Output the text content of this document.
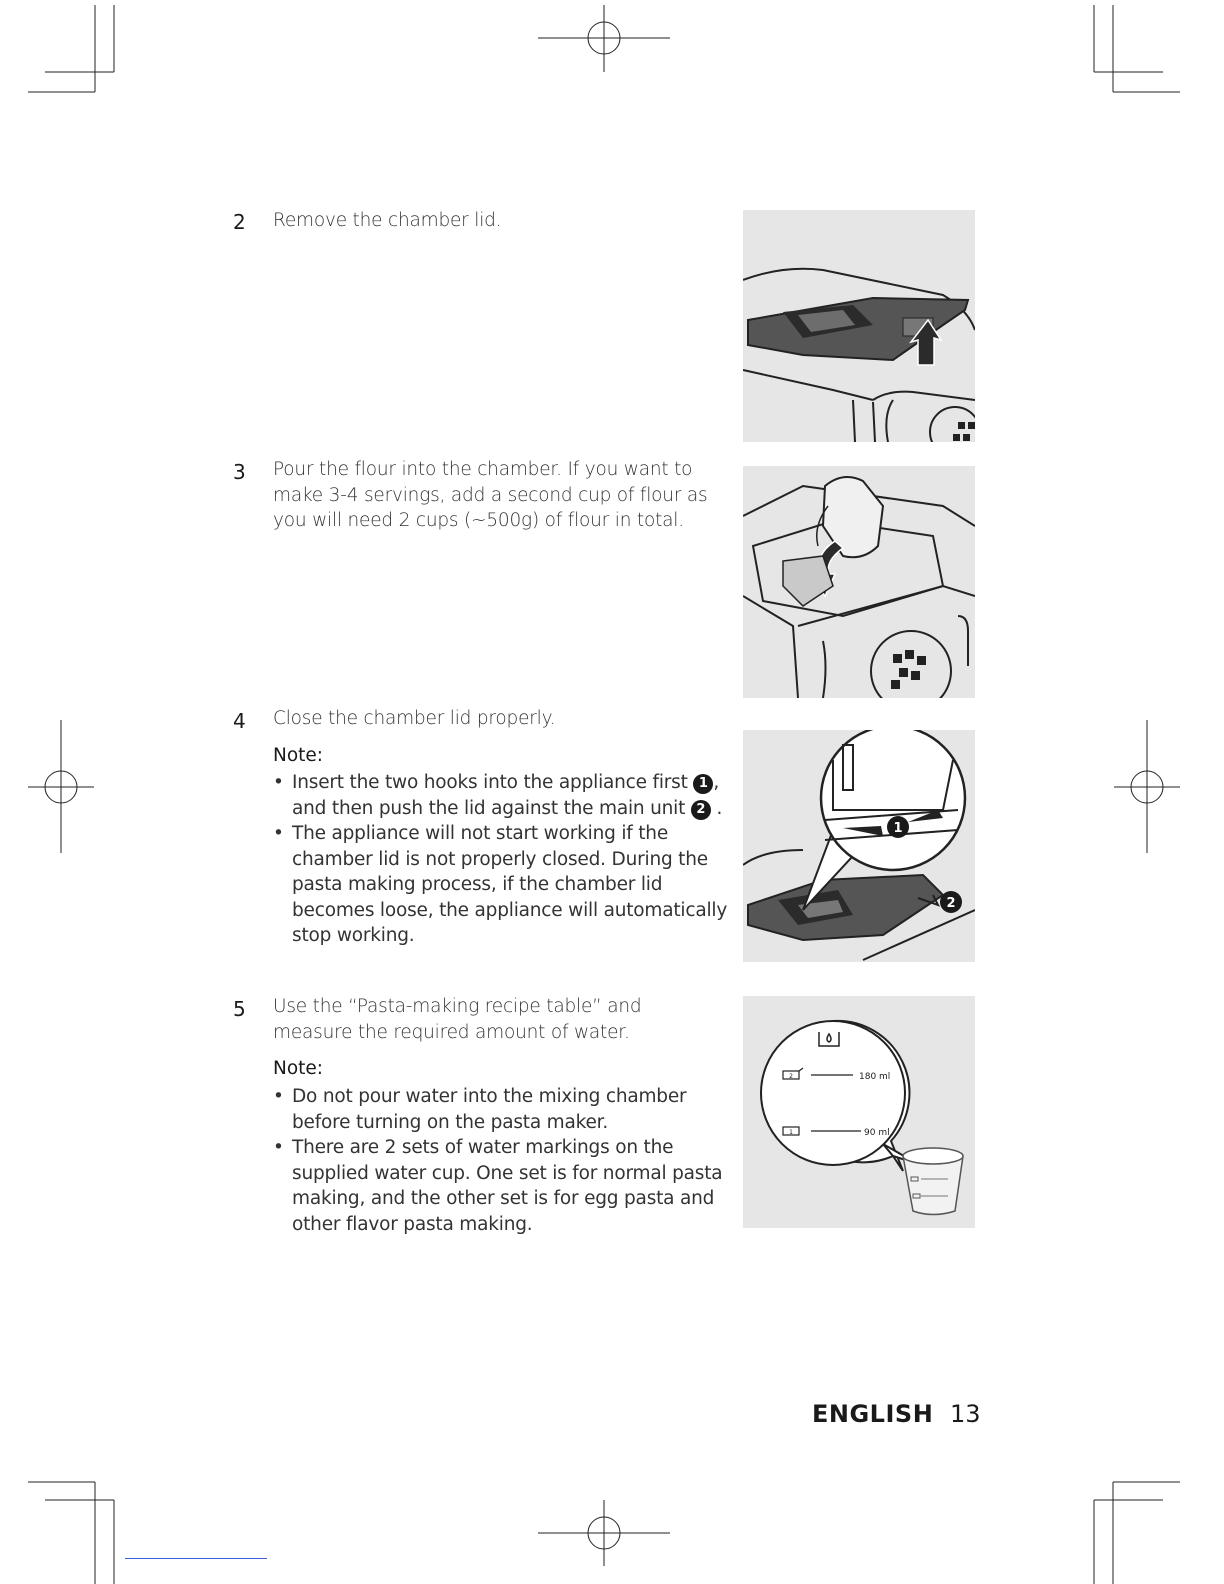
2 Remove the chamber lid.
3 Pour the flour into the chamber. If you want to make 3-4 servings, add a second cup of flour as you will need 2 cups (~500g) of flour in total.
4 Close the chamber lid properly.
Note:
• Insert the two hooks into the appliance first 1 , and then push the lid against the main unit 2 .
• The appliance will not start working if the chamber lid is not properly closed. During the pasta making process, if the chamber lid becomes loose, the appliance will automatically stop working.
1
2
5 Use the “Pasta-making recipe table” and measure the required amount of water.
Note:
• Do not pour water into the mixing chamber before turning on the pasta maker.
• There are 2 sets of water markings on the supplied water cup. One set is for normal pasta making, and the other set is for egg pasta and other flavor pasta making.
2
1
180 ml
90 ml
ENGLISH 13
